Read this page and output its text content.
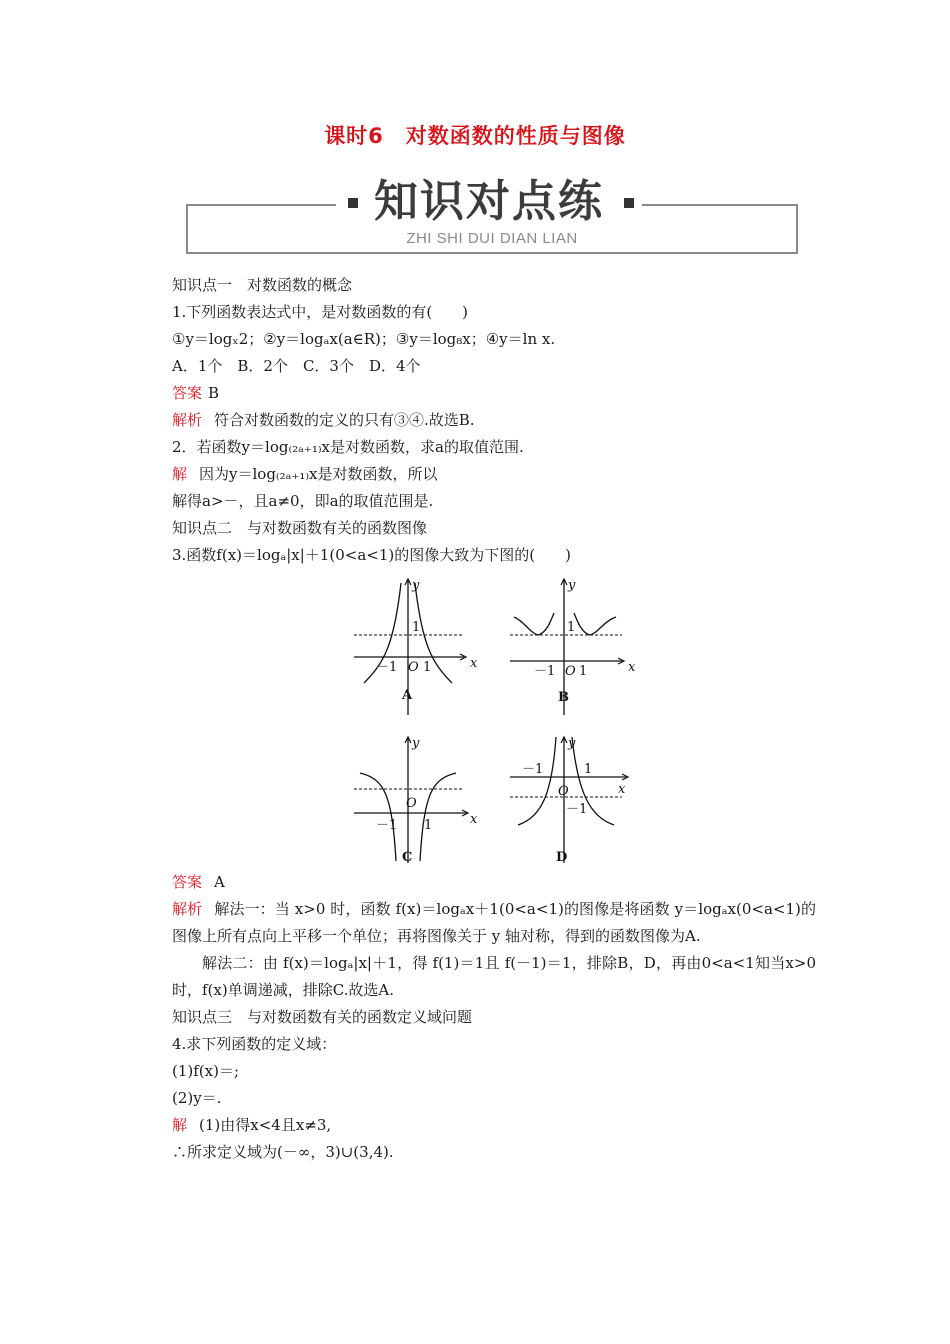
课时6　对数函数的性质与图像
知识对点练
ZHI SHI DUI DIAN LIAN
知识点一　对数函数的概念
1.下列函数表达式中，是对数函数的有(　　)
①y＝logₓ2；②y＝logₐx(a∈R)；③y＝log₈x；④y＝ln x.
A．1个　B．2个　C．3个　D．4个
答案 B
解析 符合对数函数的定义的只有③④.故选B.
2．若函数y＝log₍₂ₐ₊₁₎x是对数函数，求a的取值范围.
解 因为y＝log₍₂ₐ₊₁₎x是对数函数，所以
解得a>－，且a≠0，即a的取值范围是.
知识点二　与对数函数有关的函数图像
3.函数f(x)＝logₐ|x|＋1(0<a<1)的图像大致为下图的(　　)
x
y
1
－1 O 1
A
x
y
1
－1 O 1
B
x
y
－1
O
1
C
x
y
－1
O
1
－1
D
答案 A
解析 解法一：当 x>0 时，函数 f(x)＝logₐx＋1(0<a<1)的图像是将函数 y＝logₐx(0<a<1)的图像上所有点向上平移一个单位；再将图像关于 y 轴对称，得到的函数图像为A.
解法二：由 f(x)＝logₐ|x|＋1，得 f(1)＝1且 f(－1)＝1，排除B，D，再由0<a<1知当x>0时，f(x)单调递减，排除C.故选A.
知识点三　与对数函数有关的函数定义域问题
4.求下列函数的定义域：
(1)f(x)＝;
(2)y＝.
解 (1)由得x<4且x≠3,
∴所求定义域为(－∞，3)∪(3,4).
